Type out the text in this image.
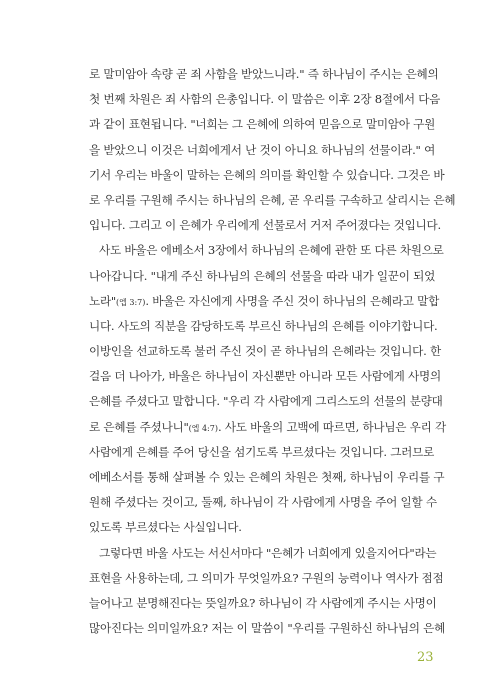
로 말미암아 속량 곧 죄 사함을 받았느니라." 즉 하나님이 주시는 은혜의
첫 번째 차원은 죄 사함의 은총입니다. 이 말씀은 이후 2장 8절에서 다음
과 같이 표현됩니다. "너희는 그 은혜에 의하여 믿음으로 말미암아 구원
을 받았으니 이것은 너희에게서 난 것이 아니요 하나님의 선물이라." 여
기서 우리는 바울이 말하는 은혜의 의미를 확인할 수 있습니다. 그것은 바
로 우리를 구원해 주시는 하나님의 은혜, 곧 우리를 구속하고 살리시는 은혜
입니다. 그리고 이 은혜가 우리에게 선물로서 거저 주어졌다는 것입니다.
사도 바울은 에베소서 3장에서 하나님의 은혜에 관한 또 다른 차원으로
나아갑니다. "내게 주신 하나님의 은혜의 선물을 따라 내가 일꾼이 되었
노라"(엡 3:7). 바울은 자신에게 사명을 주신 것이 하나님의 은혜라고 말합
니다. 사도의 직분을 감당하도록 부르신 하나님의 은혜를 이야기합니다.
이방인을 선교하도록 불러 주신 것이 곧 하나님의 은혜라는 것입니다. 한
걸음 더 나아가, 바울은 하나님이 자신뿐만 아니라 모든 사람에게 사명의
은혜를 주셨다고 말합니다. "우리 각 사람에게 그리스도의 선물의 분량대
로 은혜를 주셨나니"(엡 4:7). 사도 바울의 고백에 따르면, 하나님은 우리 각
사람에게 은혜를 주어 당신을 섬기도록 부르셨다는 것입니다. 그러므로
에베소서를 통해 살펴볼 수 있는 은혜의 차원은 첫째, 하나님이 우리를 구
원해 주셨다는 것이고, 둘째, 하나님이 각 사람에게 사명을 주어 일할 수
있도록 부르셨다는 사실입니다.
그렇다면 바울 사도는 서신서마다 "은혜가 너희에게 있을지어다"라는
표현을 사용하는데, 그 의미가 무엇일까요? 구원의 능력이나 역사가 점점
늘어나고 분명해진다는 뜻일까요? 하나님이 각 사람에게 주시는 사명이
많아진다는 의미일까요? 저는 이 말씀이 "우리를 구원하신 하나님의 은혜
23
